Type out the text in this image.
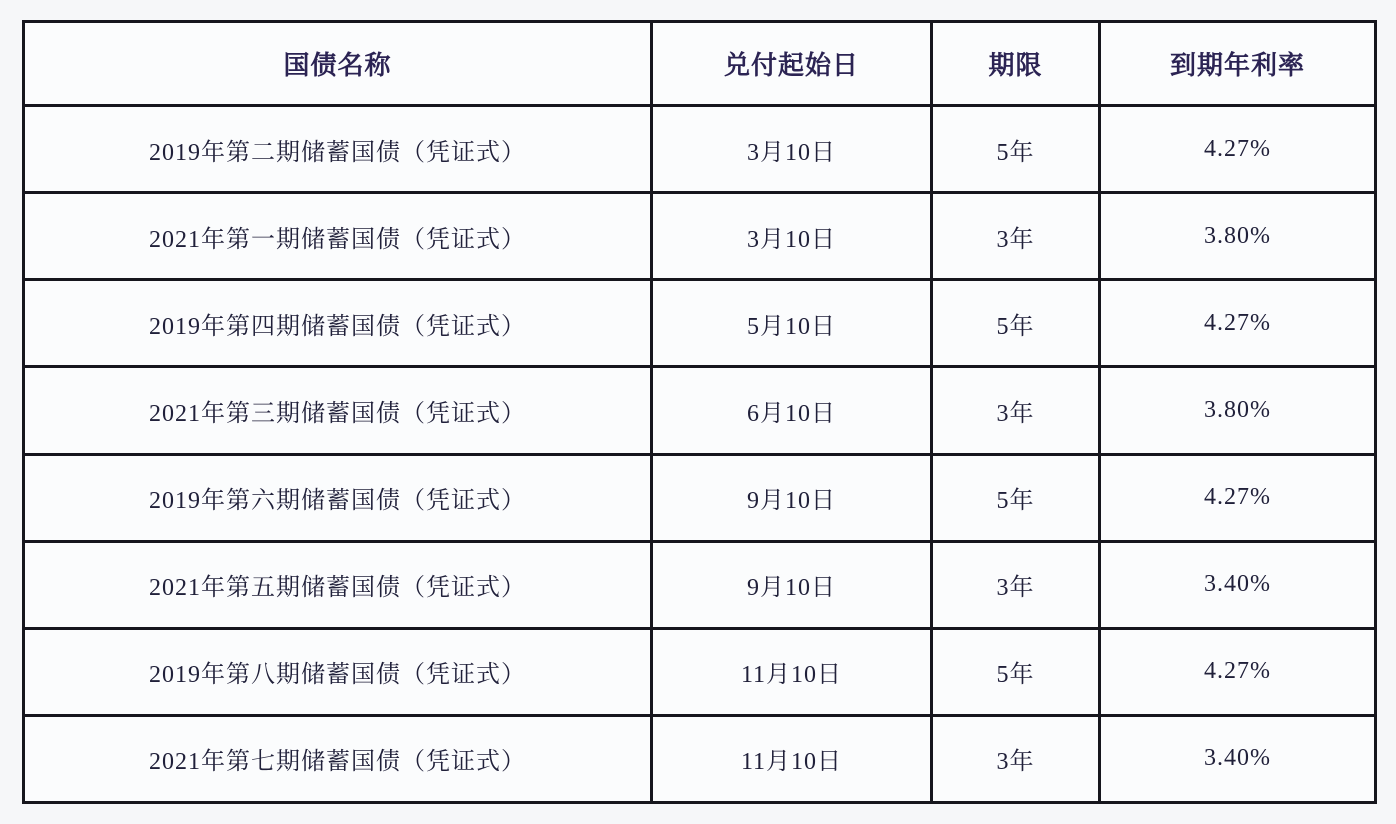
国债名称	兑付起始日	期限	到期年利率
2019年第二期储蓄国债（凭证式）	3月10日	5年	4.27%
2021年第一期储蓄国债（凭证式）	3月10日	3年	3.80%
2019年第四期储蓄国债（凭证式）	5月10日	5年	4.27%
2021年第三期储蓄国债（凭证式）	6月10日	3年	3.80%
2019年第六期储蓄国债（凭证式）	9月10日	5年	4.27%
2021年第五期储蓄国债（凭证式）	9月10日	3年	3.40%
2019年第八期储蓄国债（凭证式）	11月10日	5年	4.27%
2021年第七期储蓄国债（凭证式）	11月10日	3年	3.40%
